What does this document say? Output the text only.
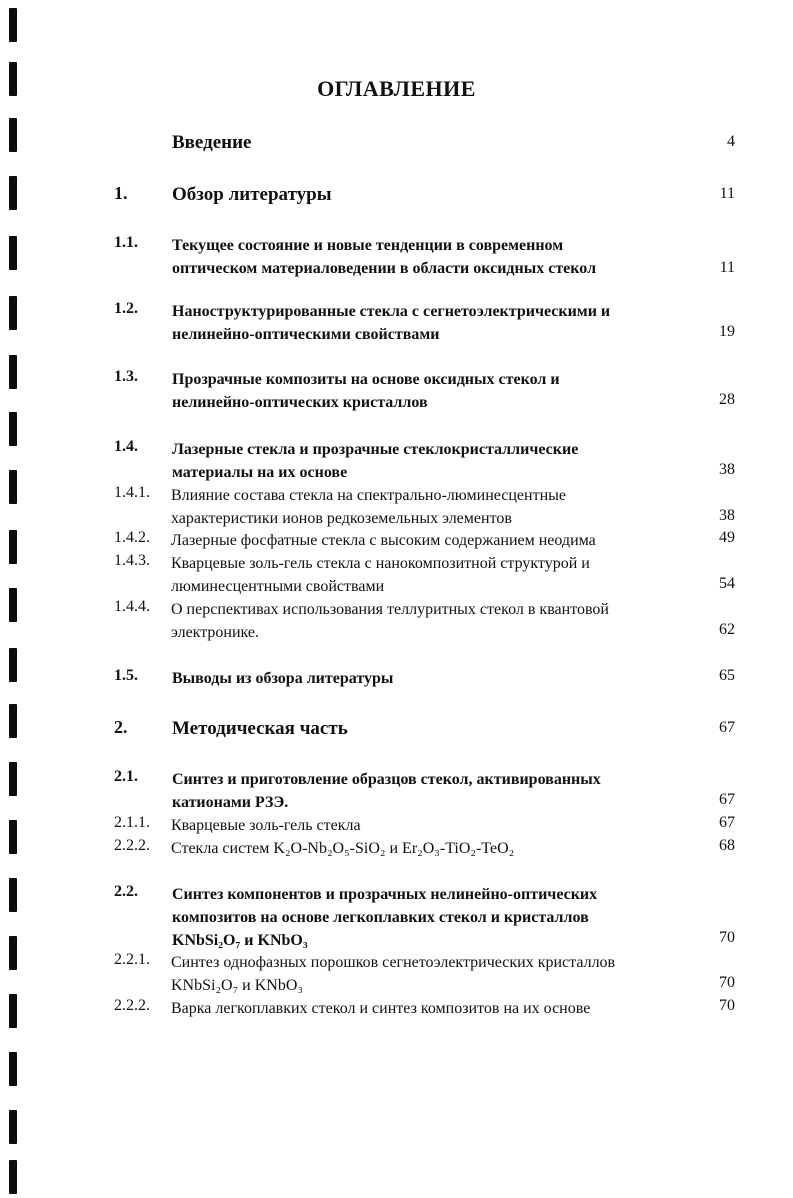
ОГЛАВЛЕНИЕ
Введение	4
1. Обзор литературы	11
1.1. Текущее состояние и новые тенденции в современном
оптическом материаловедении в области оксидных стекол	11
1.2. Наноструктурированные стекла с сегнетоэлектрическими и
нелинейно-оптическими свойствами	19
1.3. Прозрачные композиты на основе оксидных стекол и
нелинейно-оптических кристаллов	28
1.4. Лазерные стекла и прозрачные стеклокристаллические
материалы на их основе	38
1.4.1. Влияние состава стекла на спектрально-люминесцентные
характеристики ионов редкоземельных элементов	38
1.4.2. Лазерные фосфатные стекла с высоким содержанием неодима	49
1.4.3. Кварцевые золь-гель стекла с нанокомпозитной структурой и
люминесцентными свойствами	54
1.4.4. О перспективах использования теллуритных стекол в квантовой
электронике.	62
1.5. Выводы из обзора литературы	65
2. Методическая часть	67
2.1. Синтез и приготовление образцов стекол, активированных
катионами РЗЭ.	67
2.1.1. Кварцевые золь-гель стекла	67
2.2.2. Стекла систем K₂O-Nb₂O₅-SiO₂ и Er₂O₃-TiO₂-TeO₂	68
2.2. Синтез компонентов и прозрачных нелинейно-оптических
композитов на основе легкоплавких стекол и кристаллов
KNbSi₂O₇ и KNbO₃	70
2.2.1. Синтез однофазных порошков сегнетоэлектрических кристаллов
KNbSi₂O₇ и KNbO₃	70
2.2.2. Варка легкоплавких стекол и синтез композитов на их основе	70
